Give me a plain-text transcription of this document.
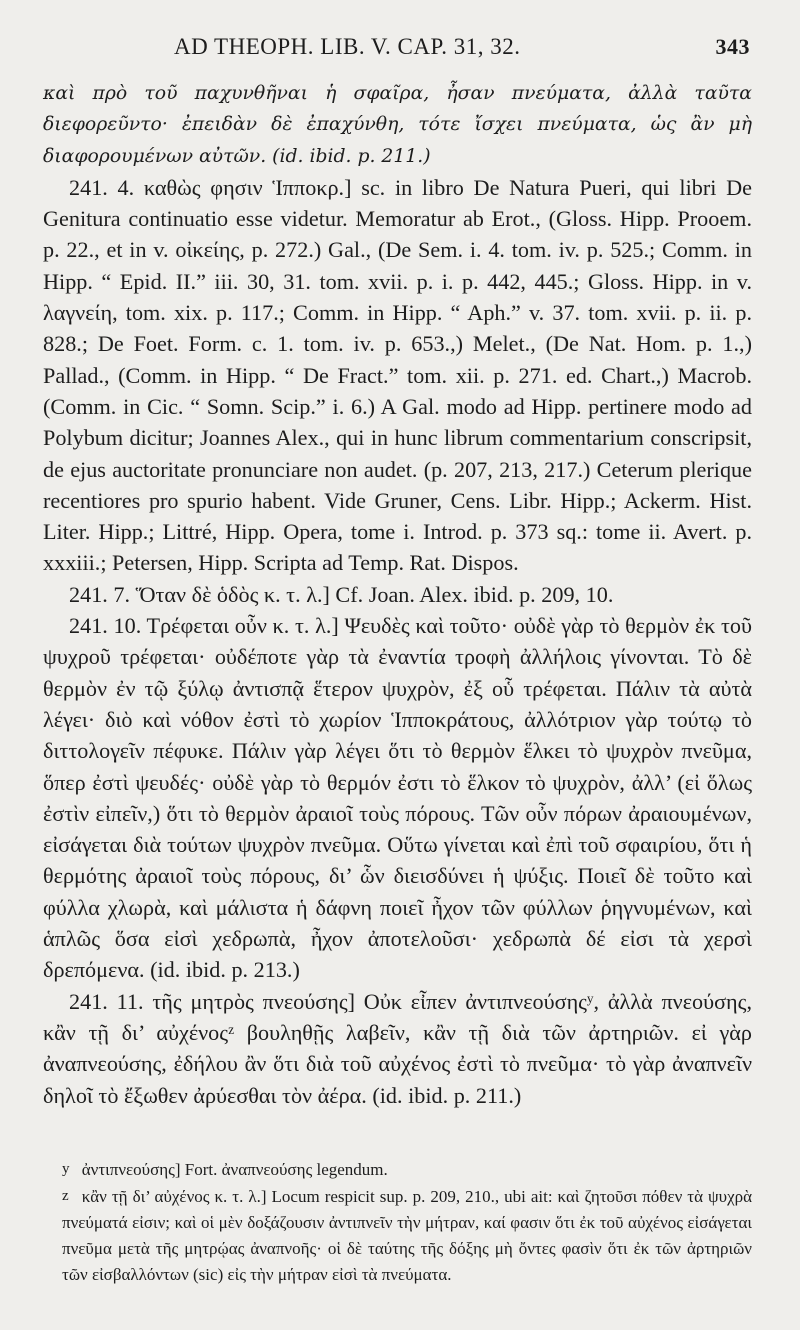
AD THEOPH. LIB. V. CAP. 31, 32.	343

καὶ πρὸ τοῦ παχυνθῆναι ἡ σφαῖρα, ἦσαν πνεύματα, ἀλλὰ ταῦτα διεφορεῦντο· ἐπειδὰν δὲ ἐπαχύνθη, τότε ἴσχει πνεύματα, ὡς ἂν μὴ διαφορουμένων αὐτῶν. (id. ibid. p. 211.)

241. 4. καθὼς φησιν Ἱπποκρ.] sc. in libro De Natura Pueri, qui libri De Genitura continuatio esse videtur. Memoratur ab Erot., (Gloss. Hipp. Prooem. p. 22., et in v. οἰκείης, p. 272.) Gal., (De Sem. i. 4. tom. iv. p. 525.; Comm. in Hipp. “ Epid. II.” iii. 30, 31. tom. xvii. p. i. p. 442, 445.; Gloss. Hipp. in v. λαγνείη, tom. xix. p. 117.; Comm. in Hipp. “ Aph.” v. 37. tom. xvii. p. ii. p. 828.; De Foet. Form. c. 1. tom. iv. p. 653.,) Melet., (De Nat. Hom. p. 1.,) Pallad., (Comm. in Hipp. “ De Fract.” tom. xii. p. 271. ed. Chart.,) Macrob. (Comm. in Cic. “ Somn. Scip.” i. 6.) A Gal. modo ad Hipp. pertinere modo ad Polybum dicitur; Joannes Alex., qui in hunc librum commentarium conscripsit, de ejus auctoritate pronunciare non audet. (p. 207, 213, 217.) Ceterum plerique recentiores pro spurio habent. Vide Gruner, Cens. Libr. Hipp.; Ackerm. Hist. Liter. Hipp.; Littré, Hipp. Opera, tome i. Introd. p. 373 sq.: tome ii. Avert. p. xxxiii.; Petersen, Hipp. Scripta ad Temp. Rat. Dispos.

241. 7. Ὅταν δὲ ὁδὸς κ. τ. λ.] Cf. Joan. Alex. ibid. p. 209, 10.

241. 10. Τρέφεται οὖν κ. τ. λ.] Ψευδὲς καὶ τοῦτο· οὐδὲ γὰρ τὸ θερμὸν ἐκ τοῦ ψυχροῦ τρέφεται· οὐδέποτε γὰρ τὰ ἐναντία τροφὴ ἀλλήλοις γίνονται. Τὸ δὲ θερμὸν ἐν τῷ ξύλῳ ἀντισπᾷ ἕτερον ψυχρὸν, ἐξ οὗ τρέφεται. Πάλιν τὰ αὐτὰ λέγει· διὸ καὶ νόθον ἐστὶ τὸ χωρίον Ἱπποκράτους, ἀλλότριον γὰρ τούτῳ τὸ διττολογεῖν πέφυκε. Πάλιν γὰρ λέγει ὅτι τὸ θερμὸν ἕλκει τὸ ψυχρὸν πνεῦμα, ὅπερ ἐστὶ ψευδές· οὐδὲ γὰρ τὸ θερμόν ἐστι τὸ ἕλκον τὸ ψυχρὸν, ἀλλ’ (εἰ ὅλως ἐστὶν εἰπεῖν,) ὅτι τὸ θερμὸν ἀραιοῖ τοὺς πόρους. Τῶν οὖν πόρων ἀραιουμένων, εἰσάγεται διὰ τούτων ψυχρὸν πνεῦμα. Οὕτω γίνεται καὶ ἐπὶ τοῦ σφαιρίου, ὅτι ἡ θερμότης ἀραιοῖ τοὺς πόρους, δι’ ὧν διεισδύνει ἡ ψύξις. Ποιεῖ δὲ τοῦτο καὶ φύλλα χλωρὰ, καὶ μάλιστα ἡ δάφνη ποιεῖ ἦχον τῶν φύλλων ῥηγνυμένων, καὶ ἁπλῶς ὅσα εἰσὶ χεδρωπὰ, ἦχον ἀποτελοῦσι· χεδρωπὰ δέ εἰσι τὰ χερσὶ δρεπόμενα. (id. ibid. p. 213.)

241. 11. τῆς μητρὸς πνεούσης] Οὐκ εἶπεν ἀντιπνεούσηςʸ, ἀλλὰ πνεούσης, κἂν τῇ δι’ αὐχένοςᶻ βουληθῇς λαβεῖν, κἂν τῇ διὰ τῶν ἀρτηριῶν. εἰ γὰρ ἀναπνεούσης, ἐδήλου ἂν ὅτι διὰ τοῦ αὐχένος ἐστὶ τὸ πνεῦμα· τὸ γὰρ ἀναπνεῖν δηλοῖ τὸ ἔξωθεν ἀρύεσθαι τὸν ἀέρα. (id. ibid. p. 211.)

y ἀντιπνεούσης] Fort. ἀναπνεούσης legendum.

z κἂν τῇ δι’ αὐχένος κ. τ. λ.] Locum respicit sup. p. 209, 210., ubi ait: καὶ ζητοῦσι πόθεν τὰ ψυχρὰ πνεύματά εἰσιν; καὶ οἱ μὲν δοξάζουσιν ἀντιπνεῖν τὴν μήτραν, καί φασιν ὅτι ἐκ τοῦ αὐχένος εἰσάγεται πνεῦμα μετὰ τῆς μητρῴας ἀναπνοῆς· οἱ δὲ ταύτης τῆς δόξης μὴ ὄντες φασὶν ὅτι ἐκ τῶν ἀρτηριῶν τῶν εἰσβαλλόντων (sic) εἰς τὴν μήτραν εἰσὶ τὰ πνεύματα.
